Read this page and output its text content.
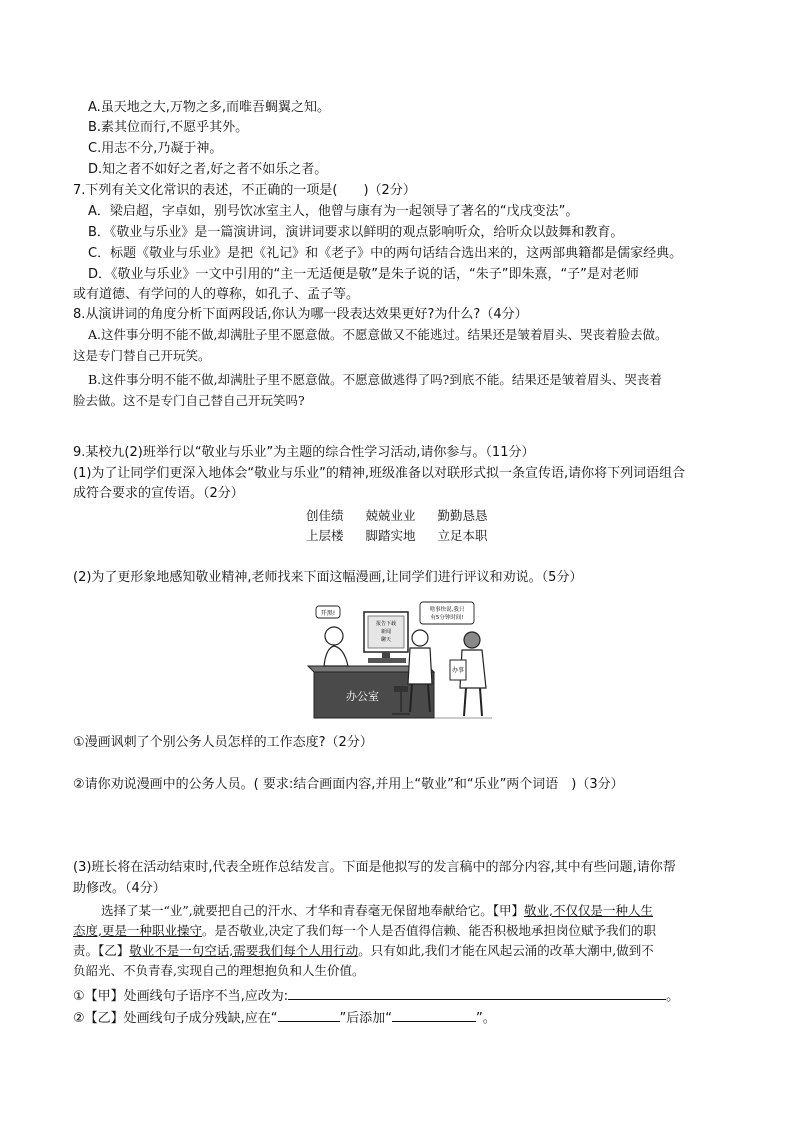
A.虽天地之大,万物之多,而唯吾蜩翼之知。
B.素其位而行,不愿乎其外。
C.用志不分,乃凝于神。
D.知之者不如好之者,好之者不如乐之者。
7.下列有关文化常识的表述，不正确的一项是(　　)（2分）
A．梁启超，字卓如，别号饮冰室主人，他曾与康有为一起领导了著名的“戊戌变法”。
B．《敬业与乐业》是一篇演讲词，演讲词要求以鲜明的观点影响听众，给听众以鼓舞和教育。
C．标题《敬业与乐业》是把《礼记》和《老子》中的两句话结合选出来的，这两部典籍都是儒家经典。
D．《敬业与乐业》一文中引用的“主一无适便是敬”是朱子说的话，“朱子”即朱熹，“子”是对老师
或有道德、有学问的人的尊称，如孔子、孟子等。
8.从演讲词的角度分析下面两段话,你认为哪一段表达效果更好?为什么?（4分）
A.这件事分明不能不做,却满肚子里不愿意做。不愿意做又不能逃过。结果还是皱着眉头、哭丧着脸去做。
这是专门替自己开玩笑。
B.这件事分明不能不做,却满肚子里不愿意做。不愿意做逃得了吗?到底不能。结果还是皱着眉头、哭丧着
脸去做。这不是专门自己替自己开玩笑吗?
9.某校九(2)班举行以“敬业与乐业”为主题的综合性学习活动,请你参与。（11分）
(1)为了让同学们更深入地体会“敬业与乐业”的精神,班级准备以对联形式拟一条宣传语,请你将下列词语组合
成符合要求的宣传语。（2分）
创佳绩 兢兢业业 勤勤恳恳
上层楼 脚踏实地 立足本职
(2)为了更形象地感知敬业精神,老师找来下面这幅漫画,让同学们进行评议和劝说。（5分）
报告下载
新闻
聊天
办公室
开黑!	啥事快说,我只
有5分钟时间!
办事
①漫画讽刺了个别公务人员怎样的工作态度?（2分）
②请你劝说漫画中的公务人员。( 要求:结合画面内容,并用上“敬业”和“乐业”两个词语　)（3分）
(3)班长将在活动结束时,代表全班作总结发言。下面是他拟写的发言稿中的部分内容,其中有些问题,请你帮
助修改。（4分）
选择了某一“业”,就要把自己的汗水、才华和青春毫无保留地奉献给它。【甲】敬业,不仅仅是一种人生
态度,更是一种职业操守。是否敬业,决定了我们每一个人是否值得信赖、能否积极地承担岗位赋予我们的职
责。【乙】敬业不是一句空话,需要我们每个人用行动。只有如此,我们才能在风起云涌的改革大潮中,做到不
负韶光、不负青春,实现自己的理想抱负和人生价值。
①【甲】处画线句子语序不当,应改为:	。
②【乙】处画线句子成分残缺,应在“	”后添加“	”。
